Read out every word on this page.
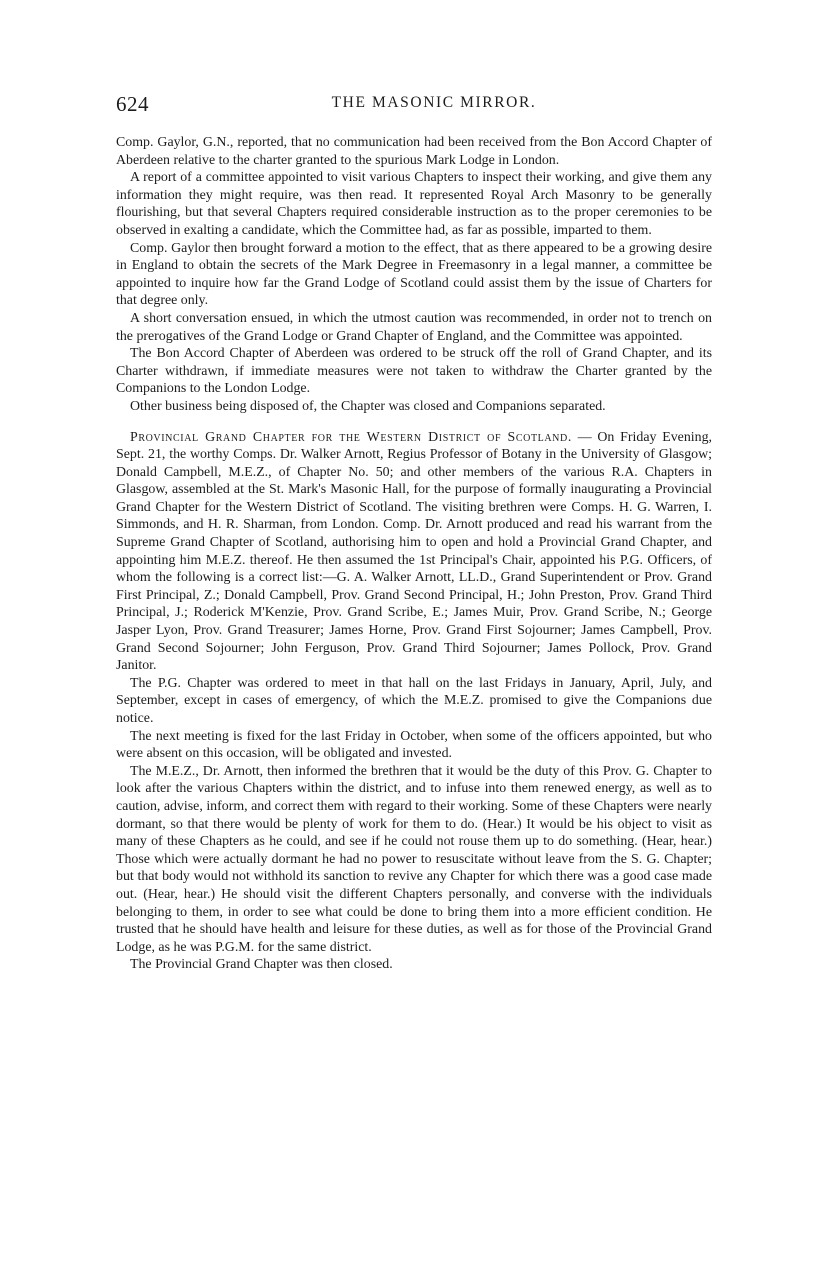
624	THE MASONIC MIRROR.

Comp. Gaylor, G.N., reported, that no communication had been received from the Bon Accord Chapter of Aberdeen relative to the charter granted to the spurious Mark Lodge in London.

A report of a committee appointed to visit various Chapters to inspect their working, and give them any information they might require, was then read. It represented Royal Arch Masonry to be generally flourishing, but that several Chapters required considerable instruction as to the proper ceremonies to be observed in exalting a candidate, which the Committee had, as far as possible, imparted to them.

Comp. Gaylor then brought forward a motion to the effect, that as there appeared to be a growing desire in England to obtain the secrets of the Mark Degree in Freemasonry in a legal manner, a committee be appointed to inquire how far the Grand Lodge of Scotland could assist them by the issue of Charters for that degree only.

A short conversation ensued, in which the utmost caution was recommended, in order not to trench on the prerogatives of the Grand Lodge or Grand Chapter of England, and the Committee was appointed.

The Bon Accord Chapter of Aberdeen was ordered to be struck off the roll of Grand Chapter, and its Charter withdrawn, if immediate measures were not taken to withdraw the Charter granted by the Companions to the London Lodge.

Other business being disposed of, the Chapter was closed and Companions separated.

Provincial Grand Chapter for the Western District of Scotland. — On Friday Evening, Sept. 21, the worthy Comps. Dr. Walker Arnott, Regius Professor of Botany in the University of Glasgow; Donald Campbell, M.E.Z., of Chapter No. 50; and other members of the various R.A. Chapters in Glasgow, assembled at the St. Mark's Masonic Hall, for the purpose of formally inaugurating a Provincial Grand Chapter for the Western District of Scotland. The visiting brethren were Comps. H. G. Warren, I. Simmonds, and H. R. Sharman, from London. Comp. Dr. Arnott produced and read his warrant from the Supreme Grand Chapter of Scotland, authorising him to open and hold a Provincial Grand Chapter, and appointing him M.E.Z. thereof. He then assumed the 1st Principal's Chair, appointed his P.G. Officers, of whom the following is a correct list:—G. A. Walker Arnott, LL.D., Grand Superintendent or Prov. Grand First Principal, Z.; Donald Campbell, Prov. Grand Second Principal, H.; John Preston, Prov. Grand Third Principal, J.; Roderick M'Kenzie, Prov. Grand Scribe, E.; James Muir, Prov. Grand Scribe, N.; George Jasper Lyon, Prov. Grand Treasurer; James Horne, Prov. Grand First Sojourner; James Campbell, Prov. Grand Second Sojourner; John Ferguson, Prov. Grand Third Sojourner; James Pollock, Prov. Grand Janitor.

The P.G. Chapter was ordered to meet in that hall on the last Fridays in January, April, July, and September, except in cases of emergency, of which the M.E.Z. promised to give the Companions due notice.

The next meeting is fixed for the last Friday in October, when some of the officers appointed, but who were absent on this occasion, will be obligated and invested.

The M.E.Z., Dr. Arnott, then informed the brethren that it would be the duty of this Prov. G. Chapter to look after the various Chapters within the district, and to infuse into them renewed energy, as well as to caution, advise, inform, and correct them with regard to their working. Some of these Chapters were nearly dormant, so that there would be plenty of work for them to do. (Hear.) It would be his object to visit as many of these Chapters as he could, and see if he could not rouse them up to do something. (Hear, hear.) Those which were actually dormant he had no power to resuscitate without leave from the S. G. Chapter; but that body would not withhold its sanction to revive any Chapter for which there was a good case made out. (Hear, hear.) He should visit the different Chapters personally, and converse with the individuals belonging to them, in order to see what could be done to bring them into a more efficient condition. He trusted that he should have health and leisure for these duties, as well as for those of the Provincial Grand Lodge, as he was P.G.M. for the same district.

The Provincial Grand Chapter was then closed.
